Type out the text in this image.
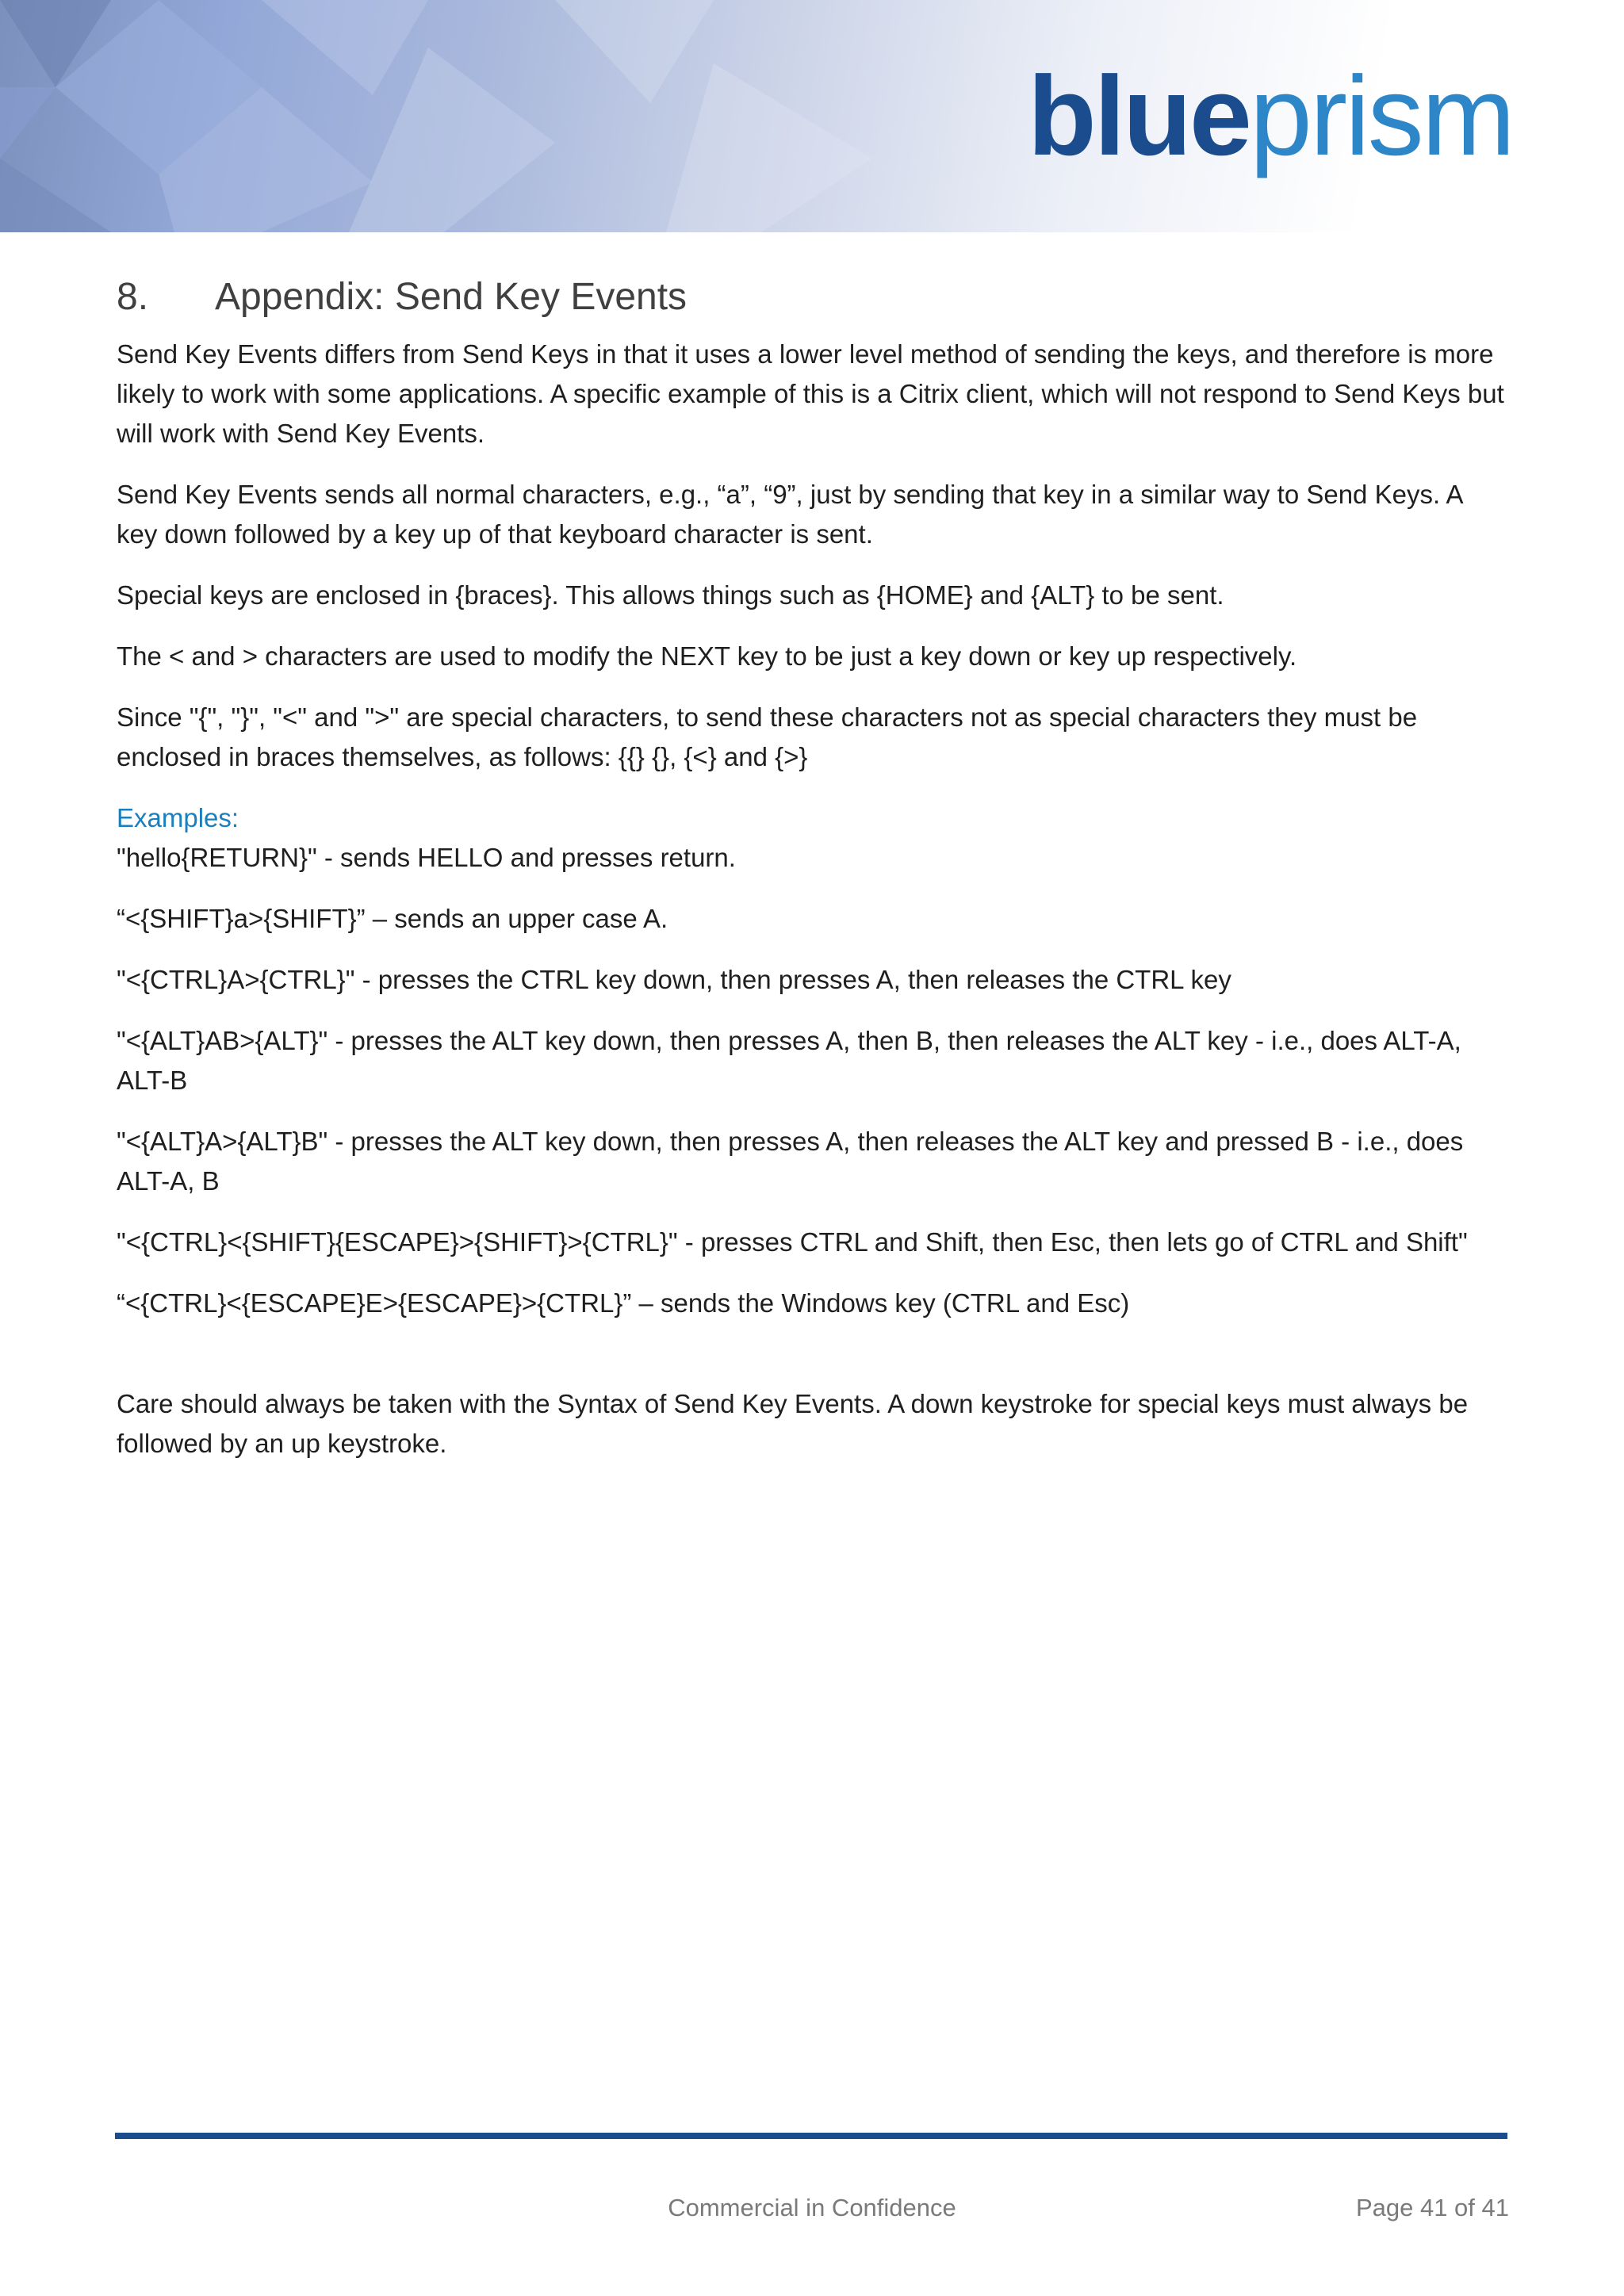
blueprism
8. Appendix: Send Key Events

Send Key Events differs from Send Keys in that it uses a lower level method of sending the keys, and therefore is more likely to work with some applications. A specific example of this is a Citrix client, which will not respond to Send Keys but will work with Send Key Events.

Send Key Events sends all normal characters, e.g., “a”, “9”, just by sending that key in a similar way to Send Keys. A key down followed by a key up of that keyboard character is sent.

Special keys are enclosed in {braces}. This allows things such as {HOME} and {ALT} to be sent.

The < and > characters are used to modify the NEXT key to be just a key down or key up respectively.

Since "{", "}", "<" and ">" are special characters, to send these characters not as special characters they must be enclosed in braces themselves, as follows: {{} {}, {<} and {>}

Examples:

"hello{RETURN}" - sends HELLO and presses return.

“<{SHIFT}a>{SHIFT}” – sends an upper case A.

"<{CTRL}A>{CTRL}" - presses the CTRL key down, then presses A, then releases the CTRL key

"<{ALT}AB>{ALT}" - presses the ALT key down, then presses A, then B, then releases the ALT key - i.e., does ALT-A, ALT-B

"<{ALT}A>{ALT}B" - presses the ALT key down, then presses A, then releases the ALT key and pressed B - i.e., does ALT-A, B

"<{CTRL}<{SHIFT}{ESCAPE}>{SHIFT}>{CTRL}" - presses CTRL and Shift, then Esc, then lets go of CTRL and Shift"

“<{CTRL}<{ESCAPE}E>{ESCAPE}>{CTRL}” – sends the Windows key (CTRL and Esc)

Care should always be taken with the Syntax of Send Key Events. A down keystroke for special keys must always be followed by an up keystroke.

Commercial in Confidence	Page 41 of 41
